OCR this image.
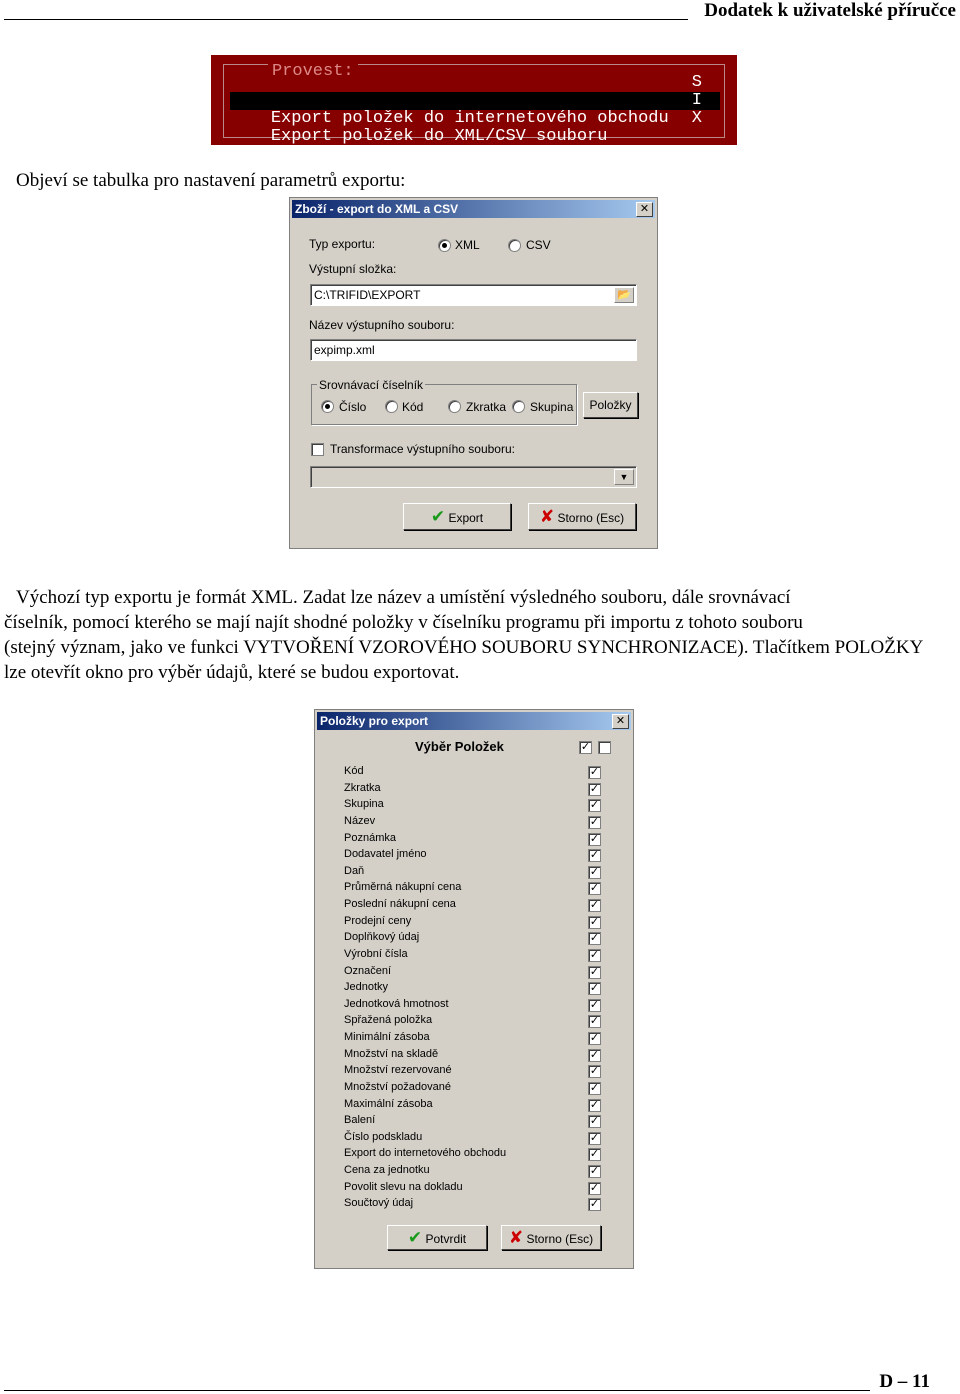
Dodatek k uživatelské příručce
Provest:

S

Export položek do internetového obchodu

I

Export položek do XML/CSV souboru

X

Objeví se tabulka pro nastavení parametrů exportu:
Zboží - export do XML a CSV	✕
Typ exportu:	XML	CSV
Výstupní složka:
C:\TRIFID\EXPORT	📂
Název výstupního souboru:
expimp.xml
Srovnávací číselník
Číslo	Kód	Zkratka Skupina	Položky
Transformace výstupního souboru:
▼
✔ Export	✘ Storno (Esc)
Výchozí typ exportu je formát XML. Zadat lze název a umístění výsledného souboru, dále srovnávací
číselník, pomocí kterého se mají najít shodné položky v číselníku programu při importu z tohoto souboru
(stejný význam, jako ve funkci VYTVOŘENÍ VZOROVÉHO SOUBORU SYNCHRONIZACE). Tlačítkem POLOŽKY
lze otevřít okno pro výběr údajů, které se budou exportovat.
Položky pro export	✕
Výběr Položek	✓
Kód	✓
Zkratka	✓
Skupina	✓
Název	✓
Poznámka	✓
Dodavatel jméno	✓
Daň	✓
Průměrná nákupní cena	✓
Poslední nákupní cena	✓
Prodejní ceny	✓
Doplňkový údaj	✓
Výrobní čísla	✓
Označení	✓
Jednotky	✓
Jednotková hmotnost	✓
Spřažená položka	✓
Minimální zásoba	✓
Množství na skladě	✓
Množství rezervované	✓
Množství požadované	✓
Maximální zásoba	✓
Balení	✓
Číslo podskladu	✓
Export do internetového obchodu	✓
Cena za jednotku	✓
Povolit slevu na dokladu	✓
Součtový údaj	✓
✔ Potvrdit	✘ Storno (Esc)
D – 11
